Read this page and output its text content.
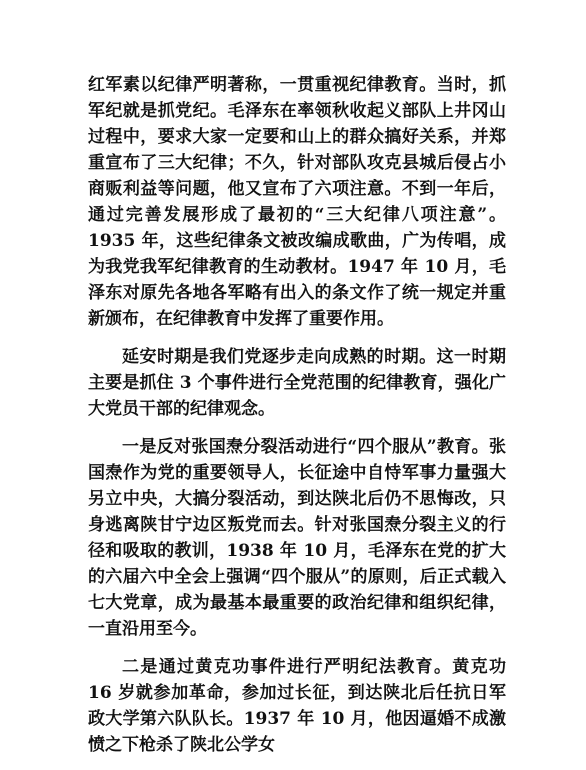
红军素以纪律严明著称，一贯重视纪律教育。当时，抓军纪就是抓党纪。毛泽东在率领秋收起义部队上井冈山过程中，要求大家一定要和山上的群众搞好关系，并郑重宣布了三大纪律；不久，针对部队攻克县城后侵占小商贩利益等问题，他又宣布了六项注意。不到一年后，通过完善发展形成了最初的“三大纪律八项注意”。1935 年，这些纪律条文被改编成歌曲，广为传唱，成为我党我军纪律教育的生动教材。1947 年 10 月，毛泽东对原先各地各军略有出入的条文作了统一规定并重新颁布，在纪律教育中发挥了重要作用。

延安时期是我们党逐步走向成熟的时期。这一时期主要是抓住 3 个事件进行全党范围的纪律教育，强化广大党员干部的纪律观念。

一是反对张国焘分裂活动进行“四个服从”教育。张国焘作为党的重要领导人，长征途中自恃军事力量强大另立中央，大搞分裂活动，到达陕北后仍不思悔改，只身逃离陕甘宁边区叛党而去。针对张国焘分裂主义的行径和吸取的教训，1938 年 10 月，毛泽东在党的扩大的六届六中全会上强调“四个服从”的原则，后正式载入七大党章，成为最基本最重要的政治纪律和组织纪律，一直沿用至今。

二是通过黄克功事件进行严明纪法教育。黄克功 16 岁就参加革命，参加过长征，到达陕北后任抗日军政大学第六队队长。1937 年 10 月，他因逼婚不成激愤之下枪杀了陕北公学女
